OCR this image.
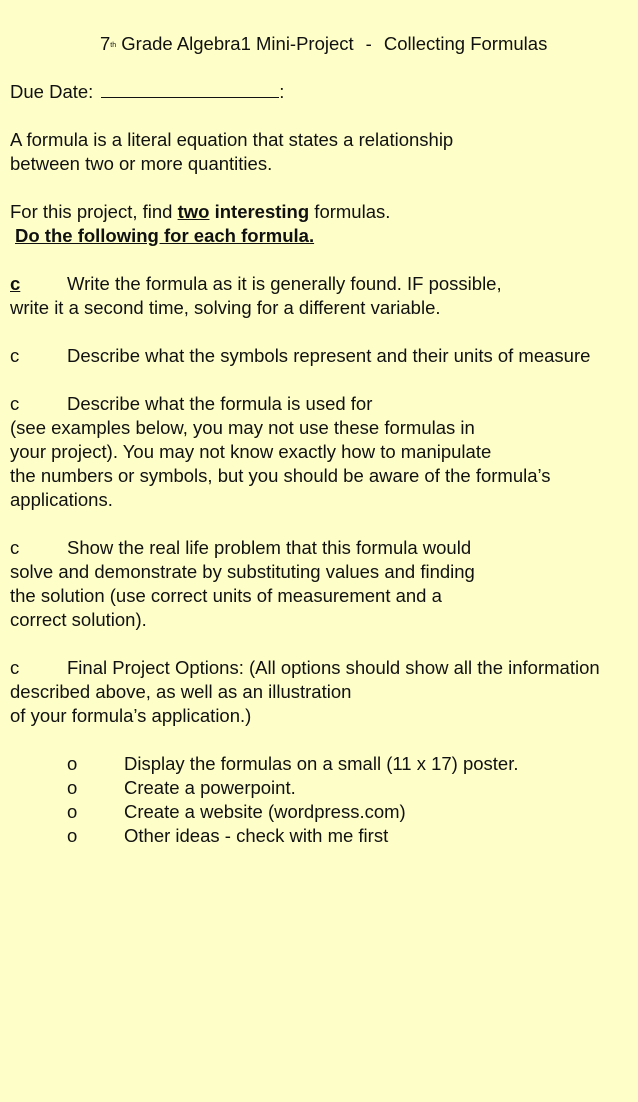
7th Grade Algebra1 Mini-Project - Collecting Formulas
Due Date:	:
A formula is a literal equation that states a relationship
between two or more quantities.
For this project, find two interesting formulas.
Do the following for each formula.
c	Write the formula as it is generally found. IF possible,
write it a second time, solving for a different variable.
c	Describe what the symbols represent and their units of measure
c	Describe what the formula is used for
(see examples below, you may not use these formulas in
your project). You may not know exactly how to manipulate
the numbers or symbols, but you should be aware of the formula’s
applications.
c	Show the real life problem that this formula would
solve and demonstrate by substituting values and finding
the solution (use correct units of measurement and a
correct solution).
c	Final Project Options: (All options should show all the information
described above, as well as an illustration
of your formula’s application.)
o	Display the formulas on a small (11 x 17) poster.
o	Create a powerpoint.
o	Create a website (wordpress.com)
o	Other ideas - check with me first
